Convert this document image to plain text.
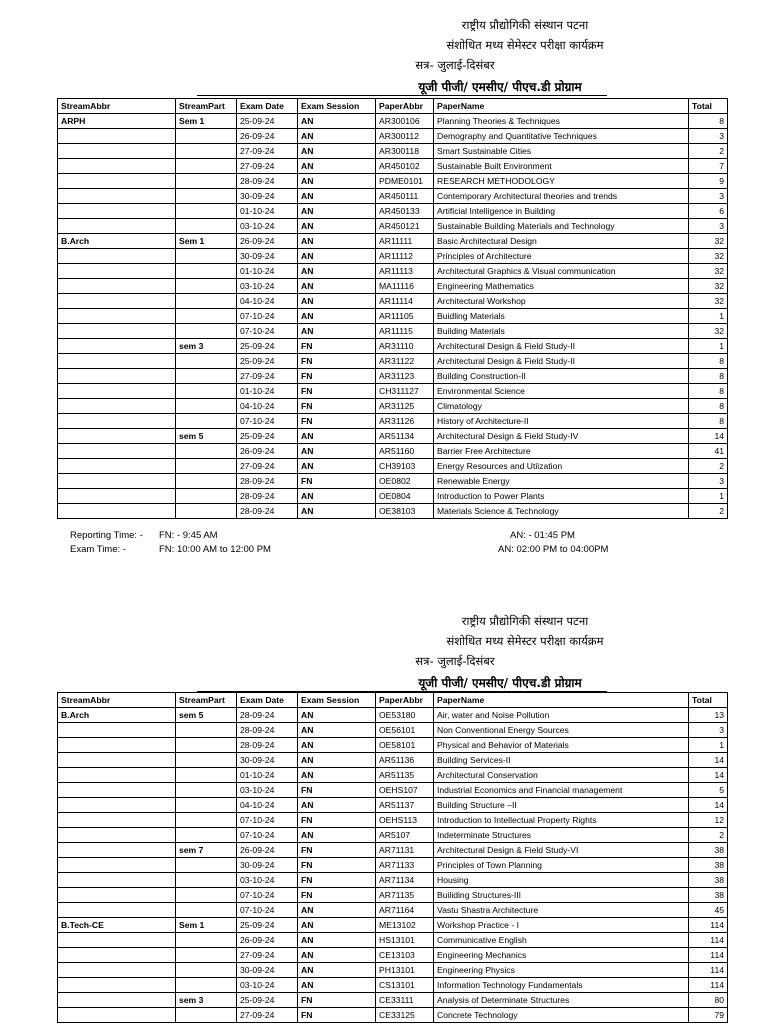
राष्ट्रीय प्रौद्योगिकी संस्थान पटना
संशोधित मध्य सेमेस्टर परीक्षा कार्यक्रम
सत्र- जुलाई-दिसंबर
यूजी पीजी/ एमसीए/ पीएच.डी प्रोग्राम
StreamAbbr	StreamPart	Exam Date	Exam Session	PaperAbbr	PaperName	Total
ARPH	Sem 1	25-09-24	AN	AR300106	Planning Theories & Techniques	8
		26-09-24	AN	AR300112	Demography and Quantitative Techniques	3
		27-09-24	AN	AR300118	Smart Sustainable Cities	2
		27-09-24	AN	AR450102	Sustainable Built Environment	7
		28-09-24	AN	PDME0101	RESEARCH METHODOLOGY	9
		30-09-24	AN	AR450111	Contemporary Architectural theories and trends	3
		01-10-24	AN	AR450133	Artificial Intelligence in Building	6
		03-10-24	AN	AR450121	Sustainable Building Materials and Technology	3
B.Arch	Sem 1	26-09-24	AN	AR11111	Basic Architectural Design	32
		30-09-24	AN	AR11112	Principles of Architecture	32
		01-10-24	AN	AR11113	Architectural Graphics & Visual communication	32
		03-10-24	AN	MA11116	Engineering Mathematics	32
		04-10-24	AN	AR11114	Architectural Workshop	32
		07-10-24	AN	AR11105	Buidling Materials	1
		07-10-24	AN	AR11115	Building Materials	32
	sem 3	25-09-24	FN	AR31110	Architectural Design & Field Study-II	1
		25-09-24	FN	AR31122	Architectural Design & Field Study-II	8
		27-09-24	FN	AR31123	Building Construction-II	8
		01-10-24	FN	CH311127	Environmental Science	8
		04-10-24	FN	AR31125	Climatology	8
		07-10-24	FN	AR31126	History of Architecture-II	8
	sem 5	25-09-24	AN	AR51134	Architectural Design & Field Study-IV	14
		26-09-24	AN	AR51160	Barrier Free Architecture	41
		27-09-24	AN	CH39103	Energy Resources and Utiization	2
		28-09-24	FN	OE0802	Renewable Energy	3
		28-09-24	AN	OE0804	Introduction to Power Plants	1
		28-09-24	AN	OE38103	Materials Science & Technology	2
Reporting Time: - FN: - 9:45 AM	AN: - 01:45 PM
Exam Time: -	FN: 10:00 AM to 12:00 PM	AN: 02:00 PM to 04:00PM
राष्ट्रीय प्रौद्योगिकी संस्थान पटना
संशोधित मध्य सेमेस्टर परीक्षा कार्यक्रम
सत्र- जुलाई-दिसंबर
यूजी पीजी/ एमसीए/ पीएच.डी प्रोग्राम
StreamAbbr	StreamPart	Exam Date	Exam Session	PaperAbbr	PaperName	Total
B.Arch	sem 5	28-09-24	AN	OE53180	Air, water and Noise Pollution	13
		28-09-24	AN	OE56101	Non Conventional Energy Sources	3
		28-09-24	AN	OE58101	Physical and Behavior of Materials	1
		30-09-24	AN	AR51136	Building Services-II	14
		01-10-24	AN	AR51135	Architectural Conservation	14
		03-10-24	FN	OEHS107	Industrial Economics and Financial management	5
		04-10-24	AN	AR51137	Building Structure –II	14
		07-10-24	FN	OEHS113	Introduction to Intellectual Property Rights	12
		07-10-24	AN	AR5107	Indeterminate Structures	2
	sem 7	26-09-24	FN	AR71131	Architectural Design & Field Study-VI	38
		30-09-24	FN	AR71133	Principles of Town Planning	38
		03-10-24	FN	AR71134	Housing	38
		07-10-24	FN	AR71135	Builiding Structures-III	38
		07-10-24	AN	AR71164	Vastu Shastra Architecture	45
B.Tech-CE	Sem 1	25-09-24	AN	ME13102	Workshop Practice - I	114
		26-09-24	AN	HS13101	Communicative English	114
		27-09-24	AN	CE13103	Engineering Mechanics	114
		30-09-24	AN	PH13101	Engineering Physics	114
		03-10-24	AN	CS13101	Information Technology Fundamentals	114
	sem 3	25-09-24	FN	CE33111	Analysis of Determinate Structures	80
		27-09-24	FN	CE33125	Concrete Technology	79
